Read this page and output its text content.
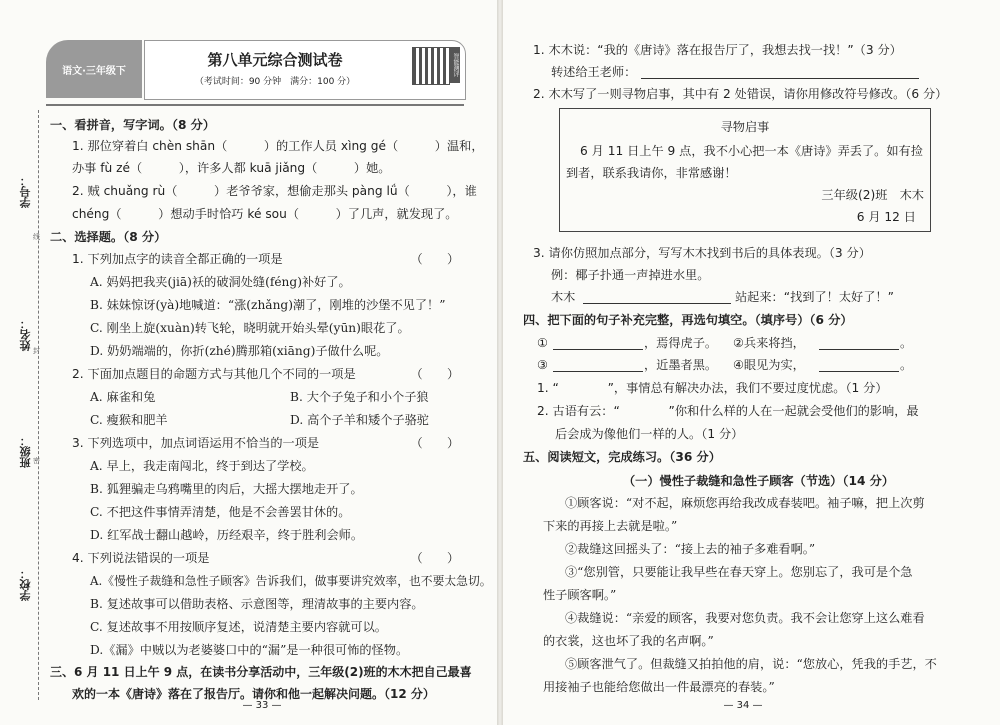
学号：
姓名：
班级：
学校：
线
封
密
语文·三年级下
第八单元综合测试卷
（考试时间：90 分钟　满分：100 分）
智能测评
一、看拼音，写字词。（8 分）
1. 那位穿着白 chèn shān（　　　）的工作人员 xìng gé（　　　）温和，
办事 fù zé（　　　），许多人都 kuā jiǎng（　　　）她。
2. 贼 chuǎng rù（　　　）老爷爷家，想偷走那头 pàng lǘ（　　　），谁
chéng（　　　）想动手时恰巧 ké sou（　　　）了几声，就发现了。
二、选择题。（8 分）
1. 下列加点字的读音全都正确的一项是　　　　　　　　　　　（　　）
A. 妈妈把我夹(jiā)袄的破洞处缝(féng)补好了。
B. 妹妹惊讶(yà)地喊道：“涨(zhǎng)潮了，刚堆的沙堡不见了！”
C. 刚坐上旋(xuàn)转飞轮，晓明就开始头晕(yūn)眼花了。
D. 奶奶端端的，你折(zhé)腾那箱(xiāng)子做什么呢。
2. 下面加点题目的命题方式与其他几个不同的一项是　　　　　（　　）
A. 麻雀和兔	B. 大个子兔子和小个子狼
C. 瘦猴和肥羊	D. 高个子羊和矮个子骆驼
3. 下列选项中，加点词语运用不恰当的一项是　　　　　　　　（　　）
A. 早上，我走南闯北，终于到达了学校。
B. 狐狸骗走乌鸦嘴里的肉后，大摇大摆地走开了。
C. 不把这件事情弄清楚，他是不会善罢甘休的。
D. 红军战士翻山越岭，历经艰辛，终于胜利会师。
4. 下列说法错误的一项是　　　　　　　　　　　　　　　　　（　　）
A.《慢性子裁缝和急性子顾客》告诉我们，做事要讲究效率，也不要太急切。
B. 复述故事可以借助表格、示意图等，理清故事的主要内容。
C. 复述故事不用按顺序复述，说清楚主要内容就可以。
D.《漏》中贼以为老婆婆口中的“漏”是一种很可怖的怪物。
三、6 月 11 日上午 9 点，在读书分享活动中，三年级(2)班的木木把自己最喜
欢的一本《唐诗》落在了报告厅。请你和他一起解决问题。（12 分）
— 33 —
1. 木木说：“我的《唐诗》落在报告厅了，我想去找一找！”（3 分）
转述给王老师：
2. 木木写了一则寻物启事，其中有 2 处错误，请你用修改符号修改。（6 分）
寻物启事
6 月 11 日上午 9 点，我不小心把一本《唐诗》弄丢了。如有捡
到者，联系我请你，非常感谢！
三年级(2)班　木木
6 月 12 日
3. 请你仿照加点部分，写写木木找到书后的具体表现。（3 分）
例：椰子扑通一声掉进水里。
木木	站起来：“找到了！太好了！”
四、把下面的句子补充完整，再选句填空。（填序号）（6 分）
①	，焉得虎子。 ②兵来将挡，	。
③	，近墨者黑。 ④眼见为实，	。
1. “　　　　”，事情总有解决办法，我们不要过度忧虑。（1 分）
2. 古语有云：“　　　　”你和什么样的人在一起就会受他们的影响，最
后会成为像他们一样的人。（1 分）
五、阅读短文，完成练习。（36 分）
（一）慢性子裁缝和急性子顾客（节选）（14 分）
①顾客说：“对不起，麻烦您再给我改成春装吧。袖子嘛，把上次剪
下来的再接上去就是啦。”
②裁缝这回摇头了：“接上去的袖子多难看啊。”
③“您别管，只要能让我早些在春天穿上。您别忘了，我可是个急
性子顾客啊。”
④裁缝说：“亲爱的顾客，我要对您负责。我不会让您穿上这么难看
的衣裳，这也坏了我的名声啊。”
⑤顾客泄气了。但裁缝又拍拍他的肩，说：“您放心，凭我的手艺，不
用接袖子也能给您做出一件最漂亮的春装。”
— 34 —
